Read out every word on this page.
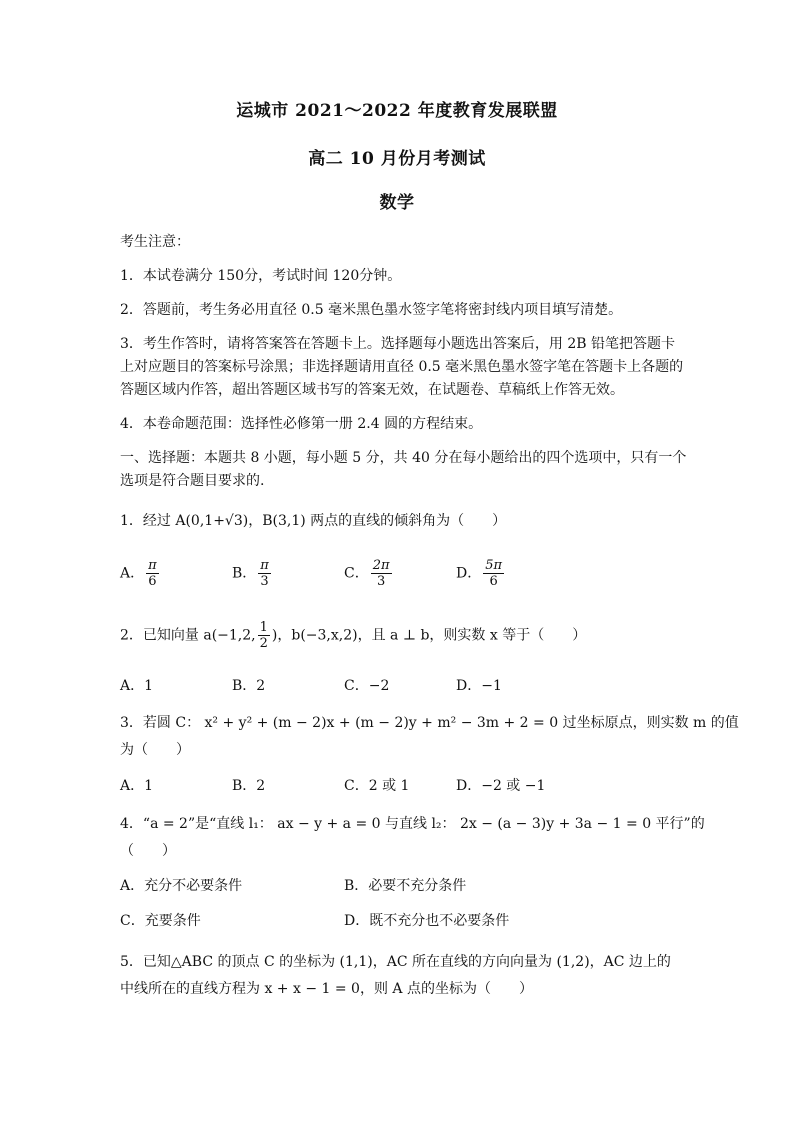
运城市 2021～2022 年度教育发展联盟
高二 10 月份月考测试
数学
考生注意：
1．本试卷满分 150分，考试时间 120分钟。
2．答题前，考生务必用直径 0.5 毫米黑色墨水签字笔将密封线内项目填写清楚。
3．考生作答时，请将答案答在答题卡上。选择题每小题选出答案后，用 2B 铅笔把答题卡
上对应题目的答案标号涂黑；非选择题请用直径 0.5 毫米黑色墨水签字笔在答题卡上各题的
答题区域内作答，超出答题区域书写的答案无效，在试题卷、草稿纸上作答无效。
4．本卷命题范围：选择性必修第一册 2.4 圆的方程结束。
一、选择题：本题共 8 小题，每小题 5 分，共 40 分在每小题给出的四个选项中，只有一个
选项是符合题目要求的.
1．经过 A(0,1+√3)，B(3,1) 两点的直线的倾斜角为（　　）
A． $\frac{\pi}{6}$	B． $\frac{\pi}{3}$	C． $\frac{2\pi}{3}$	D． $\frac{5\pi}{6}$
2．已知向量 a(−1,2, $\frac{1}{2}$ )，b(−3,x,2)，且 a ⊥ b，则实数 x 等于（　　）
A．1	B．2	C．−2	D．−1
3．若圆 C： x² + y² + (m − 2)x + (m − 2)y + m² − 3m + 2 = 0 过坐标原点，则实数 m 的值
为（　　）
A．1	B．2	C．2 或 1	D．−2 或 −1
4．“a = 2”是“直线 l₁： ax − y + a = 0 与直线 l₂： 2x − (a − 3)y + 3a − 1 = 0 平行”的
（　　）
A．充分不必要条件	B．必要不充分条件
C．充要条件	D．既不充分也不必要条件
5．已知△ABC 的顶点 C 的坐标为 (1,1)，AC 所在直线的方向向量为 (1,2)，AC 边上的
中线所在的直线方程为 x + x − 1 = 0，则 A 点的坐标为（　　）
